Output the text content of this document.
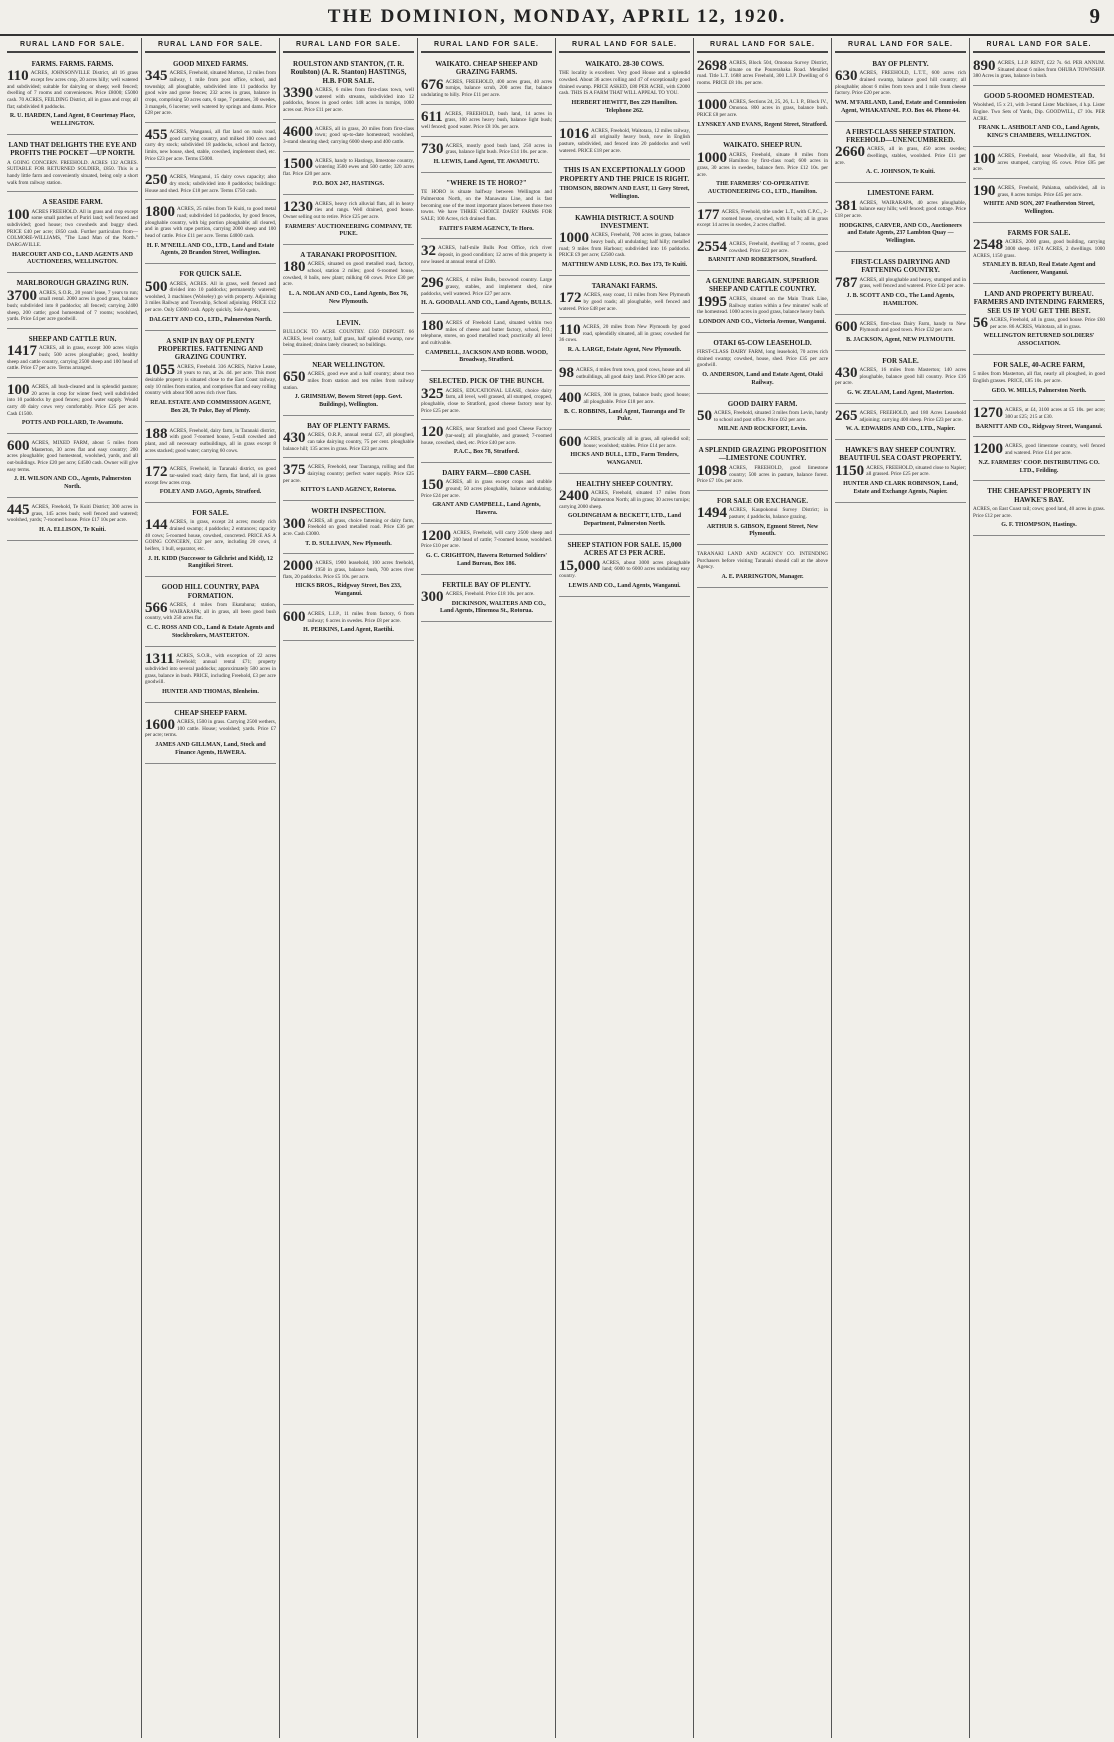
THE DOMINION, MONDAY, APRIL 12, 1920.	9
RURAL LAND FOR SALE.
FARMS. FARMS. FARMS.
110 ACRES, JOHNSONVILLE District, all 16 grass except few acres crop, 20 acres hilly; well watered and subdivided; suitable for dairying or sheep; well fenced; dwelling of 7 rooms and conveniences. Price £8000; £5000 cash. 70 ACRES, FEILDING District, all in grass and crop; all flat; subdivided 8 paddocks.
R. U. HARDEN, Land Agent, 8 Courtenay Place, WELLINGTON.
LAND THAT DELIGHTS THE EYE AND PROFITS THE POCKET —UP NORTH.
A GOING CONCERN. FREEHOLD. ACRES 132 ACRES. SUITABLE FOR RETURNED SOLDIER, £850. This is a handy little farm and conveniently situated, being only a short walk from railway station.
A SEASIDE FARM.
100 ACRES FREEHOLD. All in grass and crop except some small patches of Puriri land; well fenced and subdivided; good house; two cowsheds and buggy shed. PRICE £40 per acre; £850 cash. Further particulars from— COLMORE-WILLIAMS, "The Land Man of the North." DARGAVILLE.
HARCOURT AND CO., LAND AGENTS AND AUCTIONEERS, WELLINGTON.
MARLBOROUGH GRAZING RUN.
3700 ACRES, S.O.R., 20 years' lease, 7 years to run; small rental. 2000 acres in good grass, balance bush; subdivided into 8 paddocks; all fenced; carrying 2400 sheep, 200 cattle; good homestead of 7 rooms; woolshed, yards. Price £4 per acre goodwill.
SHEEP AND CATTLE RUN.
1417 ACRES, all in grass, except 300 acres virgin bush; 500 acres ploughable; good, healthy sheep and cattle country, carrying 2500 sheep and 100 head of cattle. Price £7 per acre. Terms arranged.
100 ACRES, all bush-cleared and in splendid pasture; 20 acres in crop for winter feed; well subdivided into 10 paddocks by good fences; good water supply. Would carry 40 dairy cows very comfortably. Price £25 per acre. Cash £1500.
POTTS AND POLLARD, Te Awamutu.
600 ACRES, MIXED FARM, about 5 miles from Masterton, 30 acres flat and easy country; 200 acres ploughable; good homestead, woolshed, yards, and all out-buildings. Price £20 per acre; £4500 cash. Owner will give easy terms.
J. H. WILSON AND CO., Agents, Palmerston North.
445 ACRES, Freehold, Te Kuiti District; 300 acres in grass, 145 acres bush; well fenced and watered; woolshed, yards; 7-roomed house. Price £17 10s per acre.
H. A. ELLISON, Te Kuiti.
RURAL LAND FOR SALE.
GOOD MIXED FARMS.
345 ACRES, Freehold, situated Morton, 12 miles from railway, 1 mile from post office, school, and township; all ploughable, subdivided into 11 paddocks by good wire and gorse fences; 232 acres in grass, balance in crops, comprising 50 acres oats, 6 rape, 7 potatoes, 30 swedes, 3 mangels, 6 lucerne; well watered by springs and dams. Price £28 per acre.
455 ACRES, Wanganui, all flat land on main road, good carrying country, and milked 100 cows and carry dry stock; subdivided 18 paddocks, school and factory, limits, new house, shed, stable, cowshed, implement shed, etc. Price £23 per acre. Terms £5000.
250 ACRES, Wanganui, 15 dairy cows capacity; also dry stock; subdivided into 8 paddocks; buildings: House and shed. Price £18 per acre. Terms £750 cash.
1800 ACRES, 25 miles from Te Kuiti, to good metal road; subdivided 14 paddocks, by good fences, ploughable country, with big portion ploughable; all cleared, and in grass with rape portion, carrying 2000 sheep and 100 head of cattle. Price £11 per acre. Terms £4000 cash.
H. F. M'NEILL AND CO., LTD., Land and Estate Agents, 20 Brandon Street, Wellington.
FOR QUICK SALE.
500 ACRES, ACRES. All in grass, well fenced and divided into 10 paddocks; permanently watered; woolshed, 3 machines (Wolseley) go with property. Adjoining 3 miles Railway and Township, School adjoining. PRICE £12 per acre. Only £3000 cash. Apply quickly, Sole Agents,
DALGETY AND CO., LTD., Palmerston North.
A SNIP IN BAY OF PLENTY PROPERTIES. FATTENING AND GRAZING COUNTRY.
1055 ACRES, Freehold. 336 ACRES, Native Lease, 28 years to run, at 2s. 4d. per acre. This most desirable property is situated close to the East Coast railway, only 10 miles from station, and comprises flat and easy rolling country with about 900 acres rich river flats.
REAL ESTATE AND COMMISSION AGENT, Box 28, Te Puke, Bay of Plenty.
188 ACRES, Freehold, dairy farm, in Taranaki district, with good 7-roomed house, 5-stall cowshed and plant, and all necessary outbuildings, all in grass except 8 acres stacked; good water; carrying 60 cows.
172 ACRES, Freehold, in Taranaki district, on good tar-sealed road; dairy farm, flat land, all in grass except few acres crop.
FOLEY AND JAGO, Agents, Stratford.
FOR SALE.
144 ACRES, in grass, except 24 acres; mostly rich drained swamp; 4 paddocks; 2 entrances; capacity 40 cows; 5-roomed house, cowshed, concreted. PRICE AS A GOING CONCERN, £32 per acre, including 20 cows, 4 heifers, 1 bull, separator, etc.
J. H. KIDD (Successor to Gilchrist and Kidd), 12 Rangitikei Street.
GOOD HILL COUNTRY, PAPA FORMATION.
566 ACRES, 4 miles from Ekatahuna; station, WAIRARAPA; all in grass, all been good bush country, with 250 acres flat.
C. C. ROSS AND CO., Land & Estate Agents and Stockbrokers, MASTERTON.
1311 ACRES, S.O.R., with exception of 22 acres Freehold; annual rental £71; property subdivided into several paddocks; approximately 500 acres in grass, balance in bush. PRICE, including Freehold, £3 per acre goodwill.
HUNTER AND THOMAS, Blenheim.
CHEAP SHEEP FARM.
1600 ACRES, 1500 in grass. Carrying 2500 wethers, 100 cattle. House; woolshed; yards. Price £7 per acre; terms.
JAMES AND GILLMAN, Land, Stock and Finance Agents, HAWERA.
RURAL LAND FOR SALE.
ROULSTON AND STANTON, (T. R. Roulston) (A. R. Stanton) HASTINGS, H.B. FOR SALE.
3390 ACRES, 6 miles from first-class town, well watered with streams, subdivided into 12 paddocks, fences in good order. 148 acres in turnips, 1000 acres out. Price £11 per acre.
4600 ACRES, all in grass, 20 miles from first-class town; good up-to-date homestead; woolshed, 3-stand shearing shed; carrying 6000 sheep and 400 cattle.
1500 ACRES, handy to Hastings, limestone country, wintering 3500 ewes and 500 cattle; 320 acres flat. Price £20 per acre.
P.O. BOX 247, HASTINGS.
1230 ACRES, heavy rich alluvial flats, all in heavy ties and rangs. Well drained, good house. Owner selling out to retire. Price £25 per acre.
FARMERS' AUCTIONEERING COMPANY, TE PUKE.
A TARANAKI PROPOSITION.
180 ACRES, situated on good metalled road, factory, school, station 2 miles; good 6-roomed house, cowshed, 8 bails, new plant; milking 60 cows. Price £30 per acre.
L. A. NOLAN AND CO., Land Agents, Box 76, New Plymouth.
LEVIN.
BULLOCK TO ACRE COUNTRY. £350 DEPOSIT. 66 ACRES, level country, half grass, half splendid swamp, now being drained; drains lately cleaned; no buildings.
NEAR WELLINGTON.
650 ACRES, good ewe and a half country; about two miles from station and ten miles from railway station.
J. GRIMSHAW, Bowen Street (opp. Govt. Buildings), Wellington.
BAY OF PLENTY FARMS.
430 ACRES, O.R.P., annual rental £57, all ploughed, can take dairying country, 75 per cent. ploughable balance hill; 135 acres in grass. Price £23 per acre.
375 ACRES, Freehold, near Tauranga, rolling and flat dairying country; perfect water supply. Price £25 per acre.
KITTO'S LAND AGENCY, Rotorua.
WORTH INSPECTION.
300 ACRES, all grass, choice fattening or dairy farm, Freehold on good metalled road. Price £36 per acre. Cash £3000.
T. D. SULLIVAN, New Plymouth.
2000 ACRES, 1900 leasehold, 100 acres freehold, 1950 in grass, balance bush, 700 acres river flats, 20 paddocks. Price £5 10s. per acre.
HICKS BROS., Ridgway Street, Box 233, Wanganui.
600 ACRES, L.I.P., 11 miles from factory, 6 from railway; 6 acres in swedes. Price £8 per acre.
H. PERKINS, Land Agent, Raetihi.
RURAL LAND FOR SALE.
WAIKATO. CHEAP SHEEP AND GRAZING FARMS.
676 ACRES, FREEHOLD, 400 acres grass, 40 acres turnips, balance scrub, 200 acres flat, balance undulating to hilly. Price £11 per acre.
611 ACRES, FREEHOLD, bush land, 14 acres in grass, 100 acres heavy bush, balance light bush; well fenced; good water. Price £8 10s. per acre.
730 ACRES, mostly good bush land, 250 acres in grass, balance light bush. Price £14 10s. per acre.
H. LEWIS, Land Agent, TE AWAMUTU.
"WHERE IS TE HORO?"
TE HORO is situate halfway between Wellington and Palmerston North, on the Manawatu Line, and is fast becoming one of the most important places between those two towns. We have THREE CHOICE DAIRY FARMS FOR SALE; 100 Acres, rich drained flats.
FAITH'S FARM AGENCY, Te Horo.
32 ACRES, half-mile Bulls Post Office, rich river deposit, in good condition; 12 acres of this property is now leased at annual rental of £200.
296 ACRES, 4 miles Bulls, boxwood country. Large grassy, stables, and implement shed, nine paddocks, well watered. Price £27 per acre.
H. A. GOODALL AND CO., Land Agents, BULLS.
180 ACRES of Freehold Land, situated within two miles of cheese and butter factory, school, P.O.; telephone, stores, on good metalled road; practically all level and cultivable.
CAMPBELL, JACKSON AND ROBB. WOOD, Broadway, Stratford.
SELECTED. PICK OF THE BUNCH.
325 ACRES, EDUCATIONAL LEASE, choice dairy farm, all level, well grassed, all stumped, cropped, ploughable, close to Stratford, good cheese factory near by. Price £25 per acre.
120 ACRES, near Stratford and good Cheese Factory (tar-seal); all ploughable, and grassed; 7-roomed house, cowshed, shed, etc. Price £40 per acre.
P.A.C., Box 78, Stratford.
DAIRY FARM—£800 CASH.
150 ACRES, all in grass except crops and stubble ground; 50 acres ploughable, balance undulating. Price £24 per acre.
GRANT AND CAMPBELL, Land Agents, Hawera.
1200 ACRES, Freehold, will carry 2500 sheep and 200 head of cattle; 7-roomed house, woolshed. Price £10 per acre.
G. C. CRIGHTON, Hawera Returned Soldiers' Land Bureau, Box 186.
FERTILE BAY OF PLENTY.
300 ACRES, Freehold. Price £18 10s. per acre.
DICKINSON, WALTERS AND CO., Land Agents, Hinemoa St., Rotorua.
RURAL LAND FOR SALE.
WAIKATO. 28-30 COWS.
THE locality is excellent. Very good House and a splendid cowshed. About 36 acres rolling and 47 of exceptionally good drained swamp. PRICE ASKED, £80 PER ACRE, with £2000 cash. THIS IS A FARM THAT WILL APPEAL TO YOU.
HERBERT HEWITT, Box 229 Hamilton. Telephone 262.
1016 ACRES, Freehold, Waitotara, 12 miles railway, all originally heavy bush, now in English pasture, subdivided, and fenced into 20 paddocks and well watered. PRICE £18 per acre.
THIS IS AN EXCEPTIONALLY GOOD PROPERTY AND THE PRICE IS RIGHT.
THOMSON, BROWN AND EAST, 11 Grey Street, Wellington.
KAWHIA DISTRICT. A SOUND INVESTMENT.
1000 ACRES, Freehold, 700 acres in grass, balance heavy bush, all undulating; half hilly; metalled road; 9 miles from Harbour; subdivided into 16 paddocks. PRICE £9 per acre; £2500 cash.
MATTHEW AND LUSK, P.O. Box 173, Te Kuiti.
TARANAKI FARMS.
172 ACRES, easy coast, 11 miles from New Plymouth by good roads; all ploughable, well fenced and watered. Price £48 per acre.
110 ACRES, 20 miles from New Plymouth by good road, splendidly situated, all in grass; cowshed for 36 cows.
R. A. LARGE, Estate Agent, New Plymouth.
98 ACRES, 4 miles from town, good cows, house and all outbuildings, all good dairy land. Price £80 per acre.
400 ACRES, 300 in grass, balance bush; good house; all ploughable. Price £18 per acre.
B. C. ROBBINS, Land Agent, Tauranga and Te Puke.
600 ACRES, practically all in grass, all splendid soil; house; woolshed; stables. Price £14 per acre.
HICKS AND BULL, LTD., Farm Tenders, WANGANUI.
HEALTHY SHEEP COUNTRY.
2400 ACRES, Freehold, situated 17 miles from Palmerston North; all in grass; 30 acres turnips; carrying 2000 sheep.
GOLDINGHAM & BECKETT, LTD., Land Department, Palmerston North.
SHEEP STATION FOR SALE. 15,000 ACRES AT £3 PER ACRE.
15,000 ACRES, about 3000 acres ploughable land; 6000 to 6000 acres undulating easy country.
LEWIS AND CO., Land Agents, Wanganui.
RURAL LAND FOR SALE.
2698 ACRES, Block 504, Omonoa Survey District, situate on the Pourerahaka Road. Metalled road. Title L.T. 1688 acres Freehold, 300 L.I.P. Dwelling of 6 rooms. PRICE £8 10s. per acre.
1000 ACRES, Sections 24, 25, 26, L. I. P., Block IV., Omonoa. 800 acres in grass, balance bush. PRICE £8 per acre.
LYNSKEY AND EVANS, Regent Street, Stratford.
WAIKATO. SHEEP RUN.
1000 ACRES, Freehold, situate 8 miles from Hamilton by first-class road; 600 acres in grass, 30 acres in swedes, balance fern. Price £12 10s. per acre.
THE FARMERS' CO-OPERATIVE AUCTIONEERING CO., LTD., Hamilton.
177 ACRES, Freehold, title under L.T., with C.P.C., 2-roomed house, cowshed, with 8 bails; all in grass except 14 acres in swedes, 2 acres chaffed.
2554 ACRES, Freehold, dwelling of 7 rooms, good cowshed. Price £22 per acre.
BARNITT AND ROBERTSON, Stratford.
A GENUINE BARGAIN. SUPERIOR SHEEP AND CATTLE COUNTRY.
1995 ACRES, situated on the Main Trunk Line, Railway station within a few minutes' walk of the homestead. 1000 acres in good grass, balance heavy bush.
LONDON AND CO., Victoria Avenue, Wanganui.
OTAKI 65-COW LEASEHOLD.
FIRST-CLASS DAIRY FARM, long leasehold, 70 acres rich drained swamp; cowshed, house, shed. Price £35 per acre goodwill.
O. ANDERSON, Land and Estate Agent, Otaki Railway.
GOOD DAIRY FARM.
50 ACRES, Freehold, situated 3 miles from Levin, handy to school and post office. Price £62 per acre.
MILNE AND ROCKFORT, Levin.
A SPLENDID GRAZING PROPOSITION —LIMESTONE COUNTRY.
1098 ACRES, FREEHOLD, good limestone country; 500 acres in pasture, balance forest. Price £7 10s. per acre.
FOR SALE OR EXCHANGE.
1494 ACRES, Kaupokonui Survey District; in pasture; 4 paddocks, balance grazing.
ARTHUR S. GIBSON, Egmont Street, New Plymouth.
TARANAKI LAND AND AGENCY CO. INTENDING Purchasers before visiting Taranaki should call at the above Agency.
A. E. PARRINGTON, Manager.
RURAL LAND FOR SALE.
BAY OF PLENTY.
630 ACRES, FREEHOLD, L.T.T., 600 acres rich drained swamp, balance good hill country; all ploughable; about 6 miles from town and 1 mile from cheese factory. Price £20 per acre.
WM. M'FARLAND, Land, Estate and Commission Agent, WHAKATANE. P.O. Box 44. Phone 44.
A FIRST-CLASS SHEEP STATION. FREEHOLD—UNENCUMBERED.
2660 ACRES, all in grass, 450 acres swedes; dwellings, stables, woolshed. Price £11 per acre.
A. C. JOHNSON, Te Kuiti.
LIMESTONE FARM.
381 ACRES, WAIRARAPA, 40 acres ploughable, balance easy hills; well fenced; good cottage. Price £18 per acre.
HODGKINS, CARVER, AND CO., Auctioneers and Estate Agents, 237 Lambton Quay — Wellington.
FIRST-CLASS DAIRYING AND FATTENING COUNTRY.
787 ACRES, all ploughable and heavy, stumped and in grass, well fenced and watered. Price £42 per acre.
J. B. SCOTT AND CO., The Land Agents, HAMILTON.
600 ACRES, first-class Dairy Farm, handy to New Plymouth and good town. Price £32 per acre.
B. JACKSON, Agent, NEW PLYMOUTH.
FOR SALE.
430 ACRES, 16 miles from Masterton; 140 acres ploughable, balance good hill country. Price £16 per acre.
G. W. ZEALAM, Land Agent, Masterton.
265 ACRES, FREEHOLD, and 180 Acres Leasehold adjoining; carrying 400 sheep. Price £23 per acre.
W. A. EDWARDS AND CO., LTD., Napier.
HAWKE'S BAY SHEEP COUNTRY. BEAUTIFUL SEA COAST PROPERTY.
1150 ACRES, FREEHOLD, situated close to Napier; all grassed. Price £25 per acre.
HUNTER AND CLARK ROBINSON, Land, Estate and Exchange Agents, Napier.
RURAL LAND FOR SALE.
890 ACRES, L.I.P. RENT, £22 7s. 6d. PER ANNUM. Situated about 6 miles from OHURA TOWNSHIP. 380 Acres in grass, balance in bush.
GOOD 5-ROOMED HOMESTEAD.
Woolshed, 15 x 21, with 3-stand Lister Machines, 4 h.p. Lister Engine. Two Sets of Yards, Dip. GOODWILL, £7 10s. PER ACRE.
FRANK L. ASHBOLT AND CO., Land Agents, KING'S CHAMBERS, WELLINGTON.
100 ACRES, Freehold, near Woodville, all flat, 94 acres stumped, carrying 85 cows. Price £85 per acre.
190 ACRES, Freehold, Pahiatua, subdivided, all in grass, 8 acres turnips. Price £45 per acre.
WHITE AND SON, 207 Featherston Street, Wellington.
FARMS FOR SALE.
2548 ACRES, 2000 grass, good building, carrying 3000 sheep. 1674 ACRES, 2 dwellings. 1000 ACRES, 1150 grass.
STANLEY B. READ, Real Estate Agent and Auctioneer, Wanganui.
LAND AND PROPERTY BUREAU. FARMERS AND INTENDING FARMERS, SEE US IF YOU GET THE BEST.
56 ACRES, Freehold, all in grass, good house. Price £60 per acre. 86 ACRES, Waitotara, all in grass.
WELLINGTON RETURNED SOLDIERS' ASSOCIATION.
FOR SALE, 40-ACRE FARM,
5 miles from Masterton, all flat, nearly all ploughed, in good English grasses. PRICE, £85 10s. per acre.
GEO. W. MILLS, Palmerston North.
1270 ACRES, at £4, 3100 acres at £5 10s. per acre; 300 at £25; 215 at £30.
BARNITT AND CO., Ridgway Street, Wanganui.
1200 ACRES, good limestone country, well fenced and watered. Price £14 per acre.
N.Z. FARMERS' COOP. DISTRIBUTING CO. LTD., Feilding.
THE CHEAPEST PROPERTY IN HAWKE'S BAY.
ACRES, on East Coast rail; cows; good land, 40 acres in grass. Price £12 per acre.
G. F. THOMPSON, Hastings.
